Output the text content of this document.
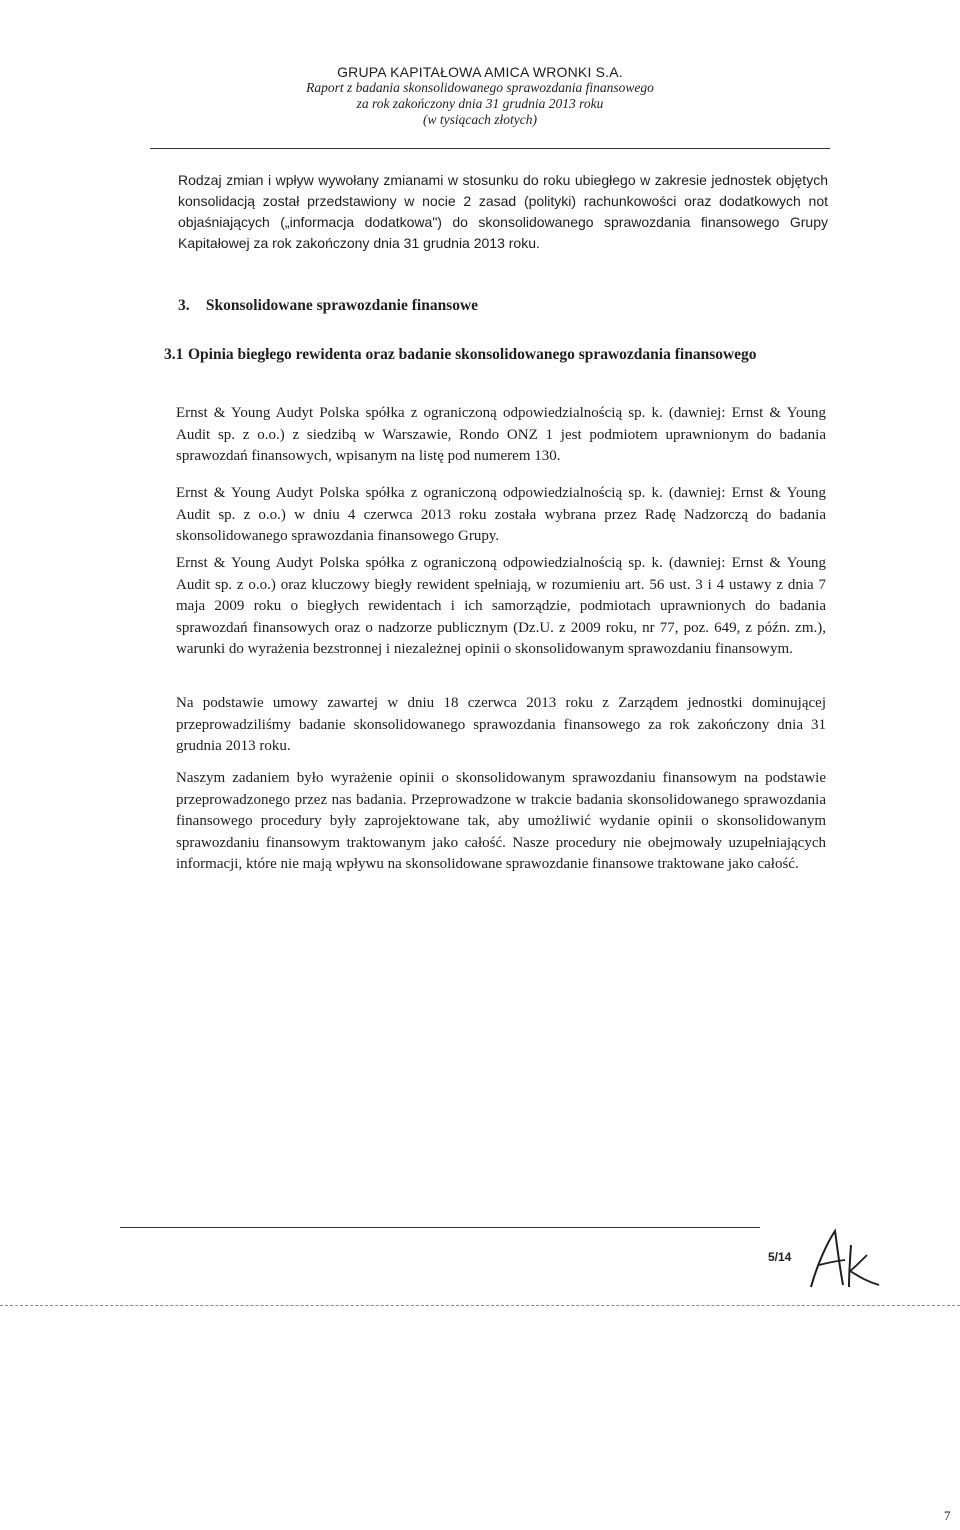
GRUPA KAPITAŁOWA AMICA WRONKI S.A.
Raport z badania skonsolidowanego sprawozdania finansowego
za rok zakończony dnia 31 grudnia 2013 roku
(w tysiącach złotych)

Rodzaj zmian i wpływ wywołany zmianami w stosunku do roku ubiegłego w zakresie jednostek objętych konsolidacją został przedstawiony w nocie 2 zasad (polityki) rachunkowości oraz dodatkowych not objaśniających („informacja dodatkowa") do skonsolidowanego sprawozdania finansowego Grupy Kapitałowej za rok zakończony dnia 31 grudnia 2013 roku.

3. Skonsolidowane sprawozdanie finansowe
3.1 Opinia biegłego rewidenta oraz badanie skonsolidowanego sprawozdania finansowego

Ernst & Young Audyt Polska spółka z ograniczoną odpowiedzialnością sp. k. (dawniej: Ernst & Young Audit sp. z o.o.) z siedzibą w Warszawie, Rondo ONZ 1 jest podmiotem uprawnionym do badania sprawozdań finansowych, wpisanym na listę pod numerem 130.

Ernst & Young Audyt Polska spółka z ograniczoną odpowiedzialnością sp. k. (dawniej: Ernst & Young Audit sp. z o.o.) w dniu 4 czerwca 2013 roku została wybrana przez Radę Nadzorczą do badania skonsolidowanego sprawozdania finansowego Grupy.

Ernst & Young Audyt Polska spółka z ograniczoną odpowiedzialnością sp. k. (dawniej: Ernst & Young Audit sp. z o.o.) oraz kluczowy biegły rewident spełniają, w rozumieniu art. 56 ust. 3 i 4 ustawy z dnia 7 maja 2009 roku o biegłych rewidentach i ich samorządzie, podmiotach uprawnionych do badania sprawozdań finansowych oraz o nadzorze publicznym (Dz.U. z 2009 roku, nr 77, poz. 649, z późn. zm.), warunki do wyrażenia bezstronnej i niezależnej opinii o skonsolidowanym sprawozdaniu finansowym.

Na podstawie umowy zawartej w dniu 18 czerwca 2013 roku z Zarządem jednostki dominującej przeprowadziliśmy badanie skonsolidowanego sprawozdania finansowego za rok zakończony dnia 31 grudnia 2013 roku.

Naszym zadaniem było wyrażenie opinii o skonsolidowanym sprawozdaniu finansowym na podstawie przeprowadzonego przez nas badania. Przeprowadzone w trakcie badania skonsolidowanego sprawozdania finansowego procedury były zaprojektowane tak, aby umożliwić wydanie opinii o skonsolidowanym sprawozdaniu finansowym traktowanym jako całość. Nasze procedury nie obejmowały uzupełniających informacji, które nie mają wpływu na skonsolidowane sprawozdanie finansowe traktowane jako całość.

5/14
7
